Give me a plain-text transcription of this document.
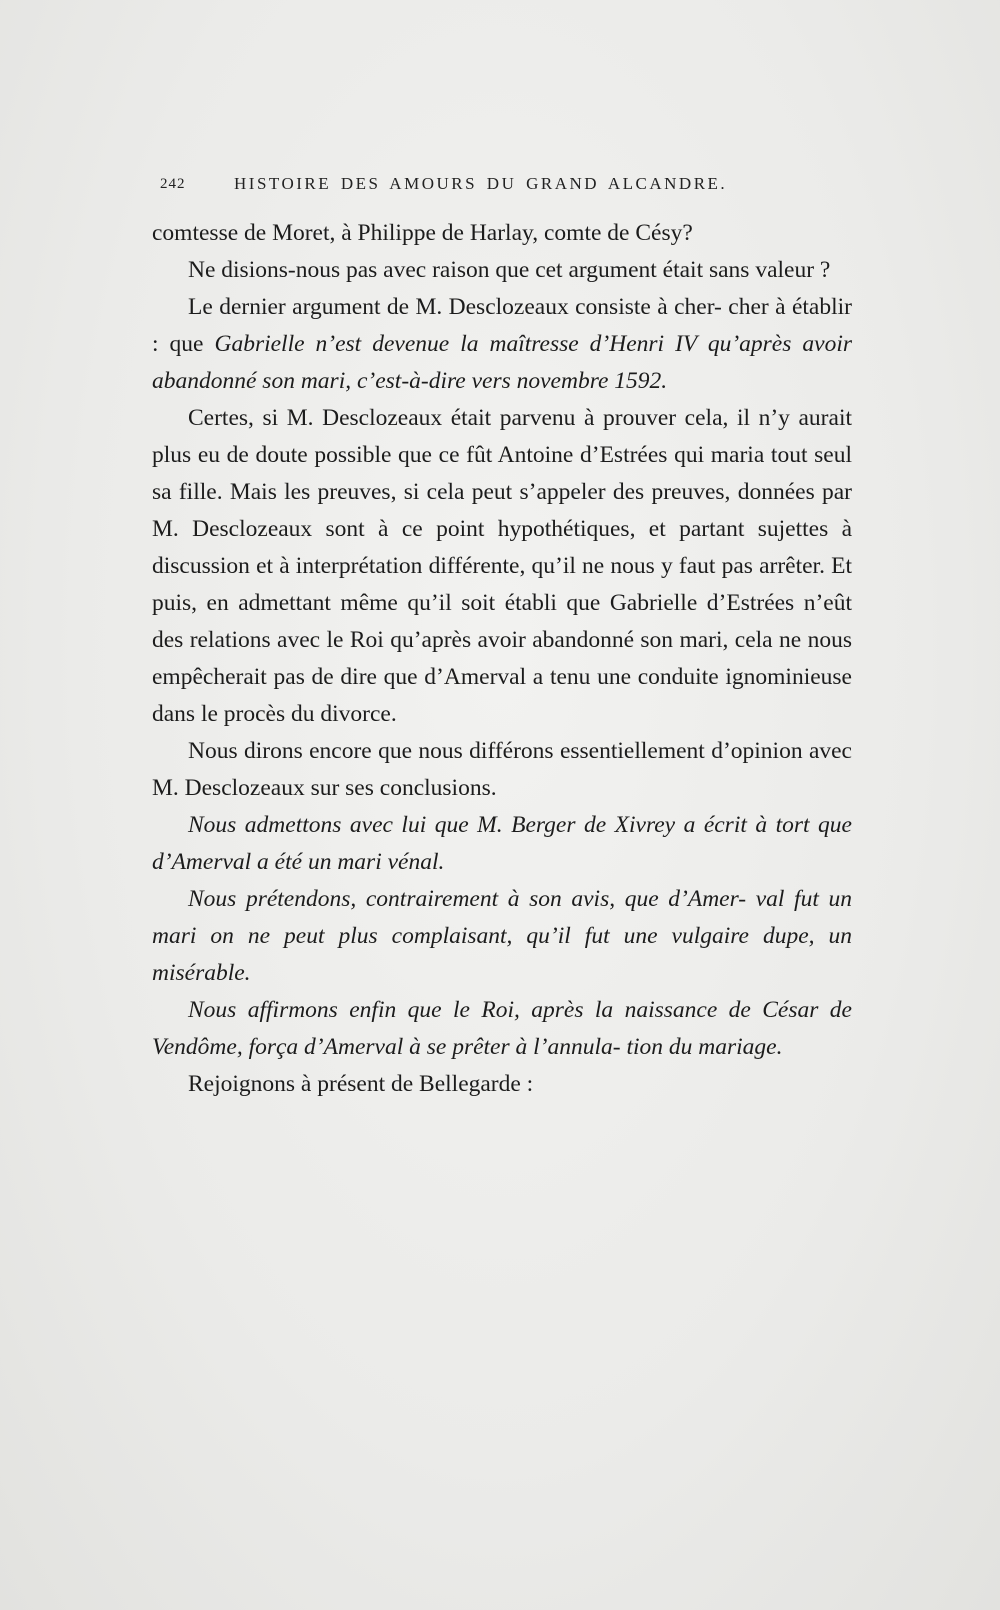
242	HISTOIRE DES AMOURS DU GRAND ALCANDRE.

comtesse de Moret, à Philippe de Harlay, comte de Césy?

Ne disions-nous pas avec raison que cet argument était sans valeur ?

Le dernier argument de M. Desclozeaux consiste à cher- cher à établir : que Gabrielle n’est devenue la maîtresse d’Henri IV qu’après avoir abandonné son mari, c’est-à-dire vers novembre 1592.

Certes, si M. Desclozeaux était parvenu à prouver cela, il n’y aurait plus eu de doute possible que ce fût Antoine d’Estrées qui maria tout seul sa fille. Mais les preuves, si cela peut s’appeler des preuves, données par M. Desclozeaux sont à ce point hypothétiques, et partant sujettes à discussion et à interprétation différente, qu’il ne nous y faut pas arrêter. Et puis, en admettant même qu’il soit établi que Gabrielle d’Estrées n’eût des relations avec le Roi qu’après avoir abandonné son mari, cela ne nous empêcherait pas de dire que d’Amerval a tenu une conduite ignominieuse dans le procès du divorce.

Nous dirons encore que nous différons essentiellement d’opinion avec M. Desclozeaux sur ses conclusions.

Nous admettons avec lui que M. Berger de Xivrey a écrit à tort que d’Amerval a été un mari vénal.

Nous prétendons, contrairement à son avis, que d’Amer- val fut un mari on ne peut plus complaisant, qu’il fut une vulgaire dupe, un misérable.

Nous affirmons enfin que le Roi, après la naissance de César de Vendôme, força d’Amerval à se prêter à l’annula- tion du mariage.

Rejoignons à présent de Bellegarde :
